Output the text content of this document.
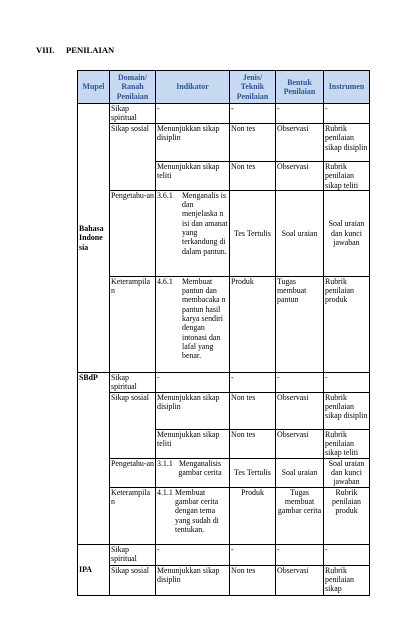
VIII. PENILAIAN
Mupel	Domain/ Ranah Penilaian	Indikator	Jenis/ Teknik Penilaian	Bentuk Penilaian	Instrumen
Bahasa Indone sia	Sikap spiritual	-	-	-	-
	Sikap sosial	Menunjukkan sikap disiplin	Non tes	Observasi	Rubrik penilaian sikap disiplin
		Menunjukkan sikap teliti	Non tes	Observasi	Rubrik penilaian sikap teliti
	Pengetahu-an	3.6.1 Menganalis is dan menjelaska n isi dan amanat yang terkandung di dalam pantun.	Tes Tertulis	Soal uraian	Soal uraian dan kunci jawaban
	Keterampila n	4.6.1 Membuat pantun dan membacaka n pantun hasil karya sendiri dengan intonasi dan lafal yang benar.	Produk	Tugas membuat pantun	Rubrik penilaian produk
SBdP	Sikap spiritual	-	-	-	-
	Sikap sosial	Menunjukkan sikap disiplin	Non tes	Observasi	Rubrik penilaian sikap disiplin
		Menunjukkan sikap teliti	Non tes	Observasi	Rubrik penilaian sikap teliti
	Pengetahu-an	3.1.1 Menganalisis gambar cerita	Tes Tertulis	Soal uraian	Soal uraian dan kunci jawaban
	Keterampila n	4.1.1 Membuat gambar cerita dengan tema yang sudah di tentukan.	Produk	Tugas membuat gambar cerita	Rubrik penilaian produk
IPA	Sikap spiritual	-	-	-	-
	Sikap sosial	Menunjukkan sikap disiplin	Non tes	Observasi	Rubrik penilaian sikap
